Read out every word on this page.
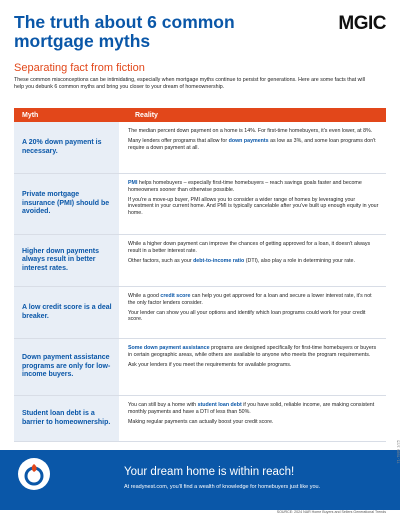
The truth about 6 common mortgage myths
MGIC
Separating fact from fiction
These common misconceptions can be intimidating, especially when mortgage myths continue to persist for generations. Here are some facts that will help you debunk 6 common myths and bring you closer to your dream of homeownership.
Myth	Reality
A 20% down payment is necessary.

The median percent down payment on a home is 14%. For first-time homebuyers, it's even lower, at 8%.

Many lenders offer programs that allow for down payments as low as 3%, and some loan programs don't require a down payment at all.

Private mortgage insurance (PMI) should be avoided.

PMI helps homebuyers – especially first-time homebuyers – reach savings goals faster and become homeowners sooner than otherwise possible.

If you're a move-up buyer, PMI allows you to consider a wider range of homes by leveraging your investment in your current home. And PMI is typically cancelable after you've built up enough equity in your home.

Higher down payments always result in better interest rates.

While a higher down payment can improve the chances of getting approved for a loan, it doesn't always result in a better interest rate.

Other factors, such as your debt-to-income ratio (DTI), also play a role in determining your rate.

A low credit score is a deal breaker.

While a good credit score can help you get approved for a loan and secure a lower interest rate, it's not the only factor lenders consider.

Your lender can show you all your options and identify which loan programs could work for your credit score.

Down payment assistance programs are only for low-income buyers.

Some down payment assistance programs are designed specifically for first-time homebuyers or buyers in certain geographic areas, while others are available to anyone who meets the program requirements.

Ask your lenders if you meet the requirements for available programs.

Student loan debt is a barrier to homeownership.

You can still buy a home with student loan debt if you have solid, reliable income, are making consistent monthly payments and have a DTI of less than 50%.

Making regular payments can actually boost your credit score.

Your dream home is within reach!
At readynest.com, you'll find a wealth of knowledge for homebuyers just like you.
SOURCE: 2024 NAR Home Buyers and Sellers Generational Trends
71-7889 1/25
